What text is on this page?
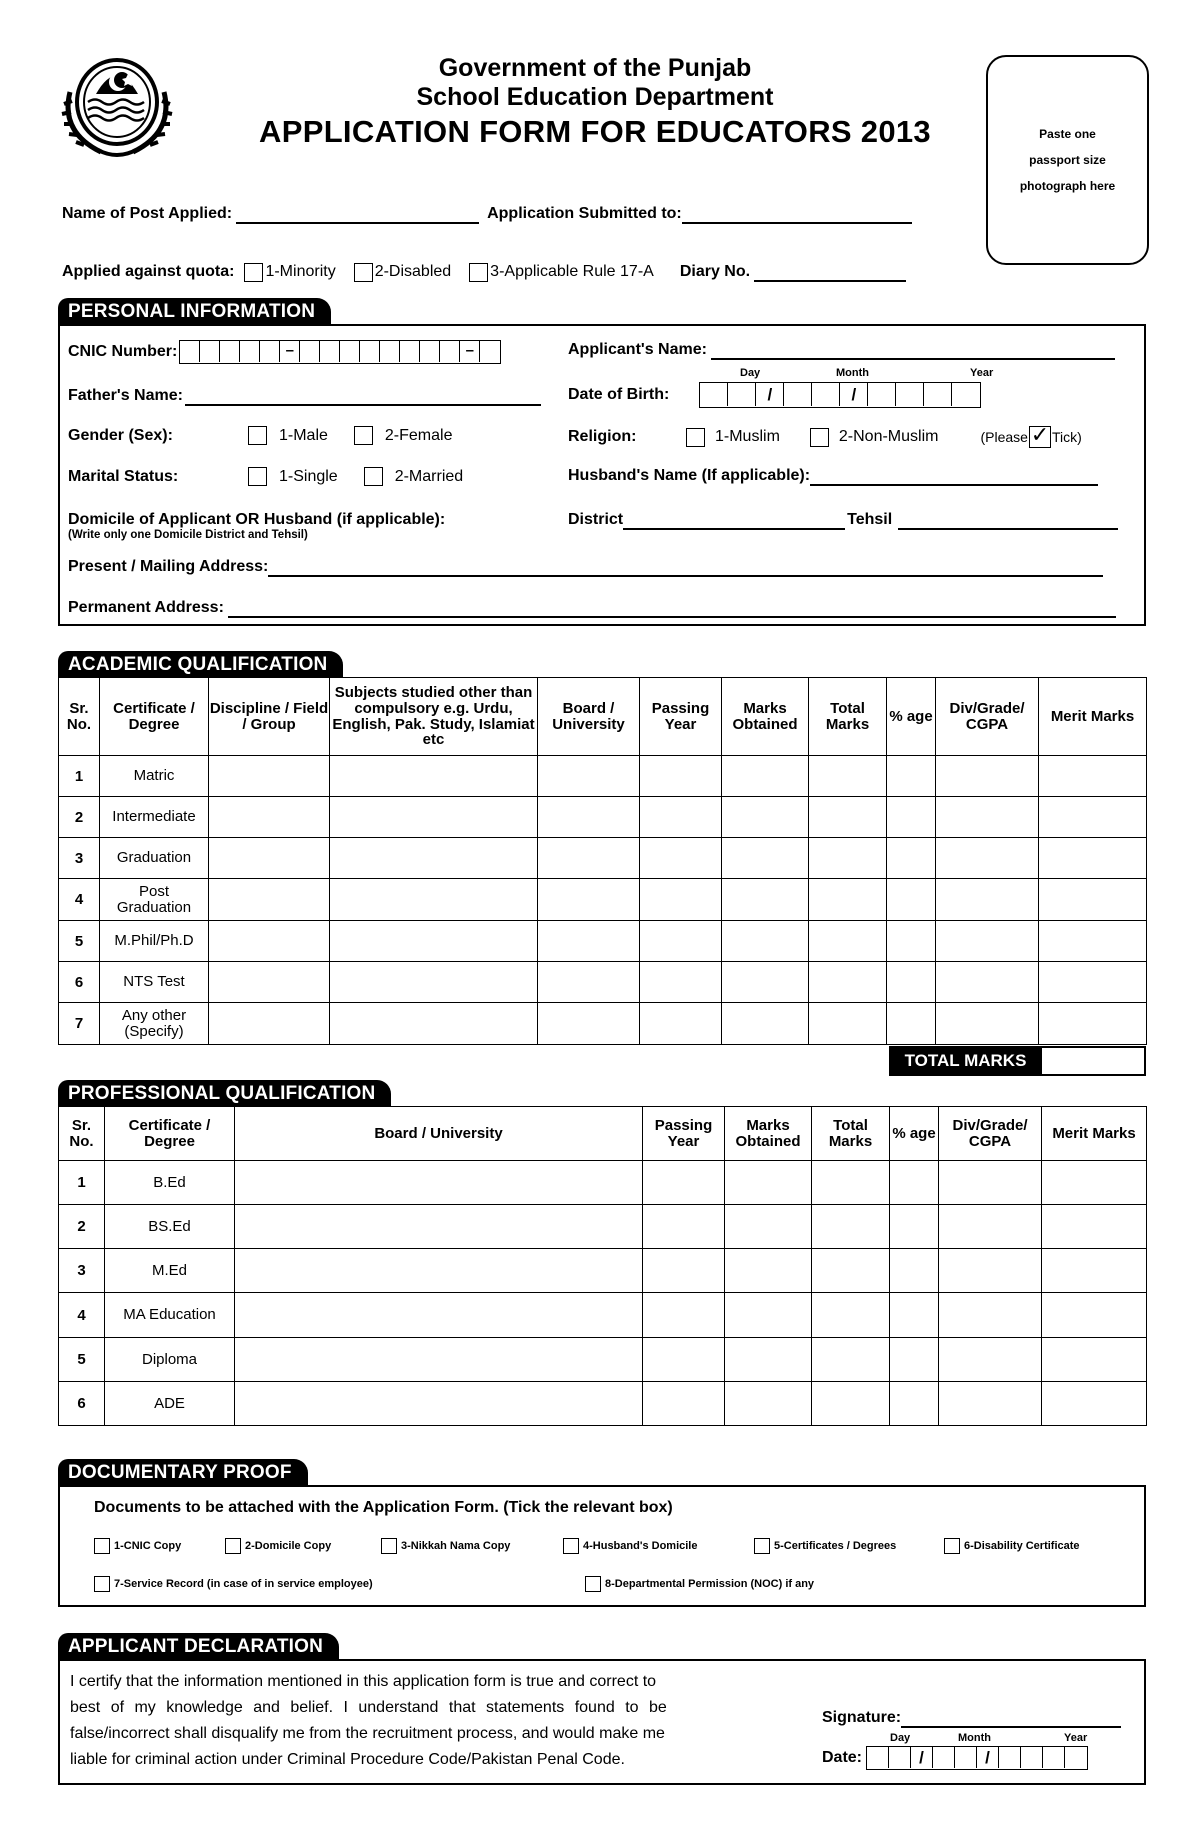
Government of the Punjab
School Education Department
APPLICATION FORM FOR EDUCATORS 2013	Paste one
passport size
photograph here
Name of Post Applied:	Application Submitted to:
Applied against quota: 1-Minority 2-Disabled 3-Applicable Rule 17-A Diary No.
PERSONAL INFORMATION
CNIC Number:	–	–	Applicant's Name:
Day	Month	Year
Father's Name:	Date of Birth:	/	/
Gender (Sex):	1-Male	2-Female	Religion:	1-Muslim	2-Non-Muslim	(Please ✓ Tick)
Marital Status:	1-Single	2-Married	Husband's Name (If applicable):
Domicile of Applicant OR Husband (if applicable):
(Write only one Domicile District and Tehsil)
District	Tehsil
Present / Mailing Address:
Permanent Address:
ACADEMIC QUALIFICATION
Sr. No.	Certificate / Degree	Discipline / Field / Group	Subjects studied other than compulsory e.g. Urdu, English, Pak. Study, Islamiat etc	Board / University	Passing Year	Marks Obtained	Total Marks	% age	Div/Grade/ CGPA	Merit Marks
1	Matric									
2	Intermediate									
3	Graduation									
4	Post Graduation									
5	M.Phil/Ph.D									
6	NTS Test									
7	Any other (Specify)									
TOTAL MARKS
PROFESSIONAL QUALIFICATION
Sr. No.	Certificate / Degree	Board / University	Passing Year	Marks Obtained	Total Marks	% age	Div/Grade/ CGPA	Merit Marks
1	B.Ed							
2	BS.Ed							
3	M.Ed							
4	MA Education							
5	Diploma							
6	ADE							
DOCUMENTARY PROOF
Documents to be attached with the Application Form. (Tick the relevant box)
1-CNIC Copy	2-Domicile Copy	3-Nikkah Nama Copy	4-Husband's Domicile	5-Certificates / Degrees	6-Disability Certificate
7-Service Record (in case of in service employee)	8-Departmental Permission (NOC) if any
APPLICANT DECLARATION
I certify that the information mentioned in this application form is true and correct to
best of my knowledge and belief. I understand that statements found to be
false/incorrect shall disqualify me from the recruitment process, and would make me
liable for criminal action under Criminal Procedure Code/Pakistan Penal Code.
Signature:
Day	Month	Year
Date:	/	/
